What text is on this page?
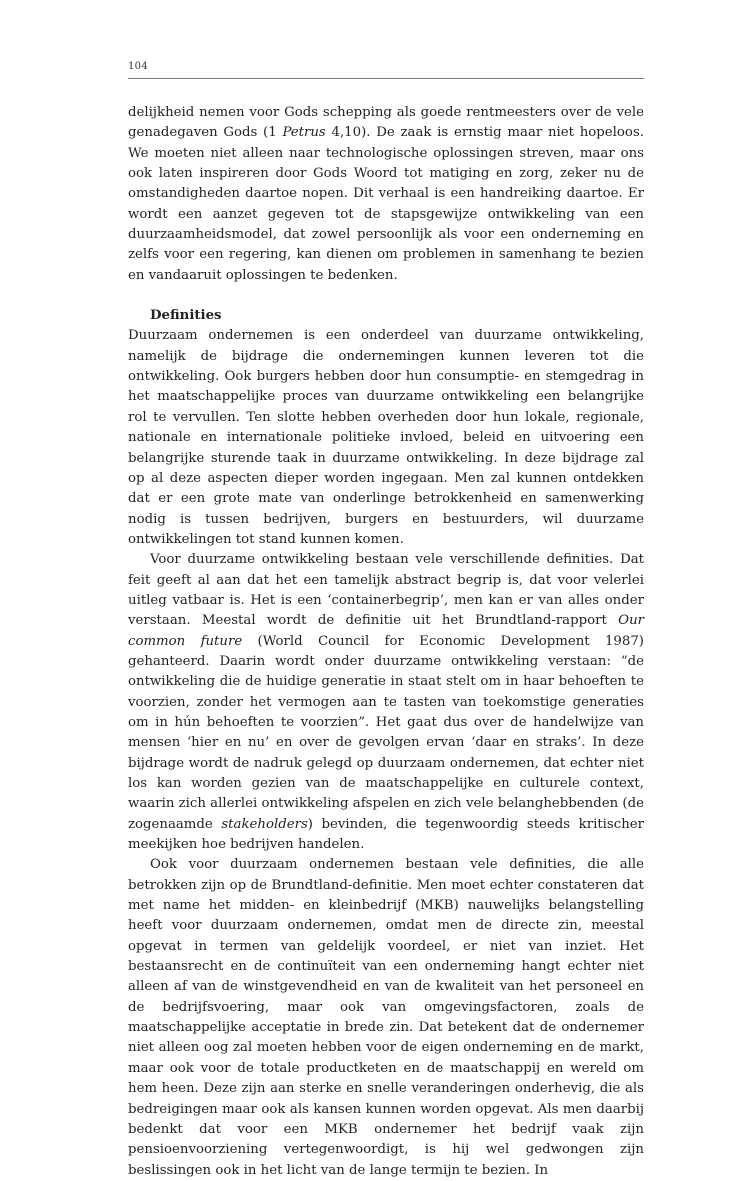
104

delijkheid nemen voor Gods schepping als goede rentmeesters over de vele genadegaven Gods (1 Petrus 4,10). De zaak is ernstig maar niet hopeloos. We moeten niet alleen naar technologische oplossingen streven, maar ons ook laten inspireren door Gods Woord tot matiging en zorg, zeker nu de omstandigheden daartoe nopen. Dit verhaal is een handreiking daartoe. Er wordt een aanzet gegeven tot de stapsgewijze ontwikkeling van een duurzaamheidsmodel, dat zowel persoonlijk als voor een onderneming en zelfs voor een regering, kan dienen om problemen in samenhang te bezien en vandaaruit oplossingen te bedenken.

Definities

Duurzaam ondernemen is een onderdeel van duurzame ontwikkeling, namelijk de bijdrage die ondernemingen kunnen leveren tot die ontwikkeling. Ook burgers hebben door hun consumptie- en stemgedrag in het maatschappelijke proces van duurzame ontwikkeling een belangrijke rol te vervullen. Ten slotte hebben overheden door hun lokale, regionale, nationale en internationale politieke invloed, beleid en uitvoering een belangrijke sturende taak in duurzame ontwikkeling. In deze bijdrage zal op al deze aspecten dieper worden ingegaan. Men zal kunnen ontdekken dat er een grote mate van onderlinge betrokkenheid en samenwerking nodig is tussen bedrijven, burgers en bestuurders, wil duurzame ontwikkelingen tot stand kunnen komen.

Voor duurzame ontwikkeling bestaan vele verschillende definities. Dat feit geeft al aan dat het een tamelijk abstract begrip is, dat voor velerlei uitleg vatbaar is. Het is een ‘containerbegrip’, men kan er van alles onder verstaan. Meestal wordt de definitie uit het Brundtland-rapport Our common future (World Council for Economic Development 1987) gehanteerd. Daarin wordt onder duurzame ontwikkeling verstaan: “de ontwikkeling die de huidige generatie in staat stelt om in haar behoeften te voorzien, zonder het vermogen aan te tasten van toekomstige generaties om in hún behoeften te voorzien”. Het gaat dus over de handelwijze van mensen ‘hier en nu’ en over de gevolgen ervan ‘daar en straks’. In deze bijdrage wordt de nadruk gelegd op duurzaam ondernemen, dat echter niet los kan worden gezien van de maatschappelijke en culturele context, waarin zich allerlei ontwikkeling afspelen en zich vele belanghebbenden (de zogenaamde stakeholders) bevinden, die tegenwoordig steeds kritischer meekijken hoe bedrijven handelen.

Ook voor duurzaam ondernemen bestaan vele definities, die alle betrokken zijn op de Brundtland-definitie. Men moet echter constateren dat met name het midden- en kleinbedrijf (MKB) nauwelijks belangstelling heeft voor duurzaam ondernemen, omdat men de directe zin, meestal opgevat in termen van geldelijk voordeel, er niet van inziet. Het bestaansrecht en de continuïteit van een onderneming hangt echter niet alleen af van de winstgevendheid en van de kwaliteit van het personeel en de bedrijfsvoering, maar ook van omgevingsfactoren, zoals de maatschappelijke acceptatie in brede zin. Dat betekent dat de ondernemer niet alleen oog zal moeten hebben voor de eigen onderneming en de markt, maar ook voor de totale productketen en de maatschappij en wereld om hem heen. Deze zijn aan sterke en snelle veranderingen onderhevig, die als bedreigingen maar ook als kansen kunnen worden opgevat. Als men daarbij bedenkt dat voor een MKB ondernemer het bedrijf vaak zijn pensioenvoorziening vertegenwoordigt, is hij wel gedwongen zijn beslissingen ook in het licht van de lange termijn te bezien. In
